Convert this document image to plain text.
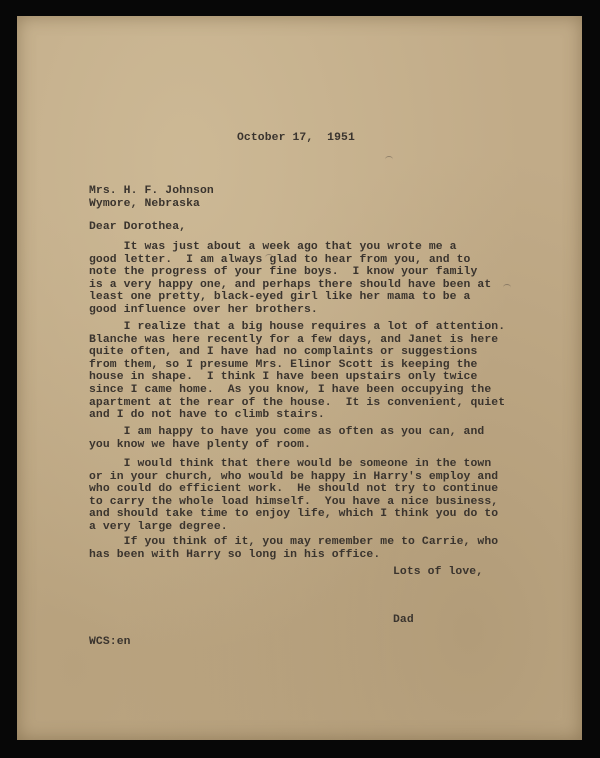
October 17,  1951

Mrs. H. F. Johnson

Wymore, Nebraska

Dear Dorothea,

It was just about a week ago that you wrote me a
good letter.  I am always glad to hear from you, and to
note the progress of your fine boys.  I know your family
is a very happy one, and perhaps there should have been at
least one pretty, black-eyed girl like her mama to be a
good influence over her brothers.

I realize that a big house requires a lot of attention.
Blanche was here recently for a few days, and Janet is here
quite often, and I have had no complaints or suggestions
from them, so I presume Mrs. Elinor Scott is keeping the
house in shape.  I think I have been upstairs only twice
since I came home.  As you know, I have been occupying the
apartment at the rear of the house.  It is convenient, quiet
and I do not have to climb stairs.

I am happy to have you come as often as you can, and
you know we have plenty of room.

I would think that there would be someone in the town
or in your church, who would be happy in Harry's employ and
who could do efficient work.  He should not try to continue
to carry the whole load himself.  You have a nice business,
and should take time to enjoy life, which I think you do to
a very large degree.

If you think of it, you may remember me to Carrie, who
has been with Harry so long in his office.

Lots of love,

Dad

WCS:en
